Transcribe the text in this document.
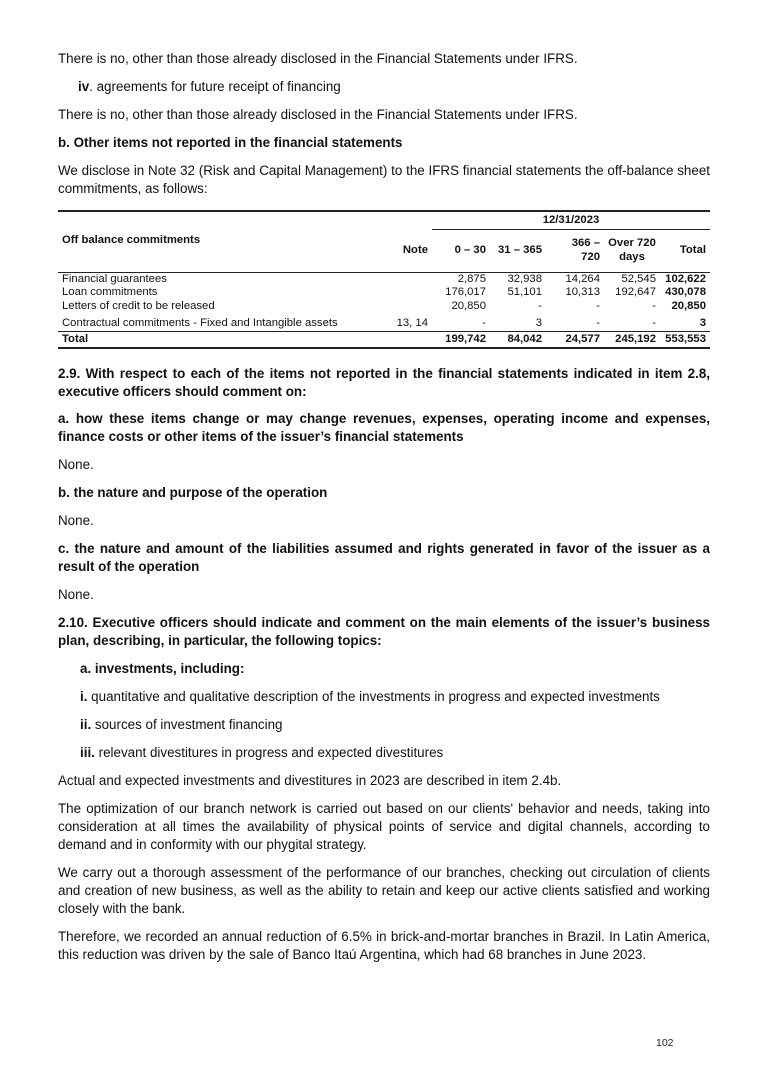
There is no, other than those already disclosed in the Financial Statements under IFRS.

iv. agreements for future receipt of financing

There is no, other than those already disclosed in the Financial Statements under IFRS.

b. Other items not reported in the financial statements

We disclose in Note 32 (Risk and Capital Management) to the IFRS financial statements the off-balance sheet commitments, as follows:

		12/31/2023				
Off balance commitments	Note	0 – 30	31 – 365	366 – 720	Over 720 days	Total

Financial guarantees		2,875	32,938	14,264	52,545	102,622
Loan commitments		176,017	51,101	10,313	192,647	430,078
Letters of credit to be released		20,850	-	-	-	20,850
Contractual commitments - Fixed and Intangible assets	13, 14	-	3	-	-	3
Total		199,742	84,042	24,577	245,192	553,553

2.9. With respect to each of the items not reported in the financial statements indicated in item 2.8, executive officers should comment on:

a. how these items change or may change revenues, expenses, operating income and expenses, finance costs or other items of the issuer’s financial statements

None.

b. the nature and purpose of the operation

None.

c. the nature and amount of the liabilities assumed and rights generated in favor of the issuer as a result of the operation

None.

2.10. Executive officers should indicate and comment on the main elements of the issuer’s business plan, describing, in particular, the following topics:

a. investments, including:

i. quantitative and qualitative description of the investments in progress and expected investments

ii. sources of investment financing

iii. relevant divestitures in progress and expected divestitures

Actual and expected investments and divestitures in 2023 are described in item 2.4b.

The optimization of our branch network is carried out based on our clients' behavior and needs, taking into consideration at all times the availability of physical points of service and digital channels, according to demand and in conformity with our phygital strategy.

We carry out a thorough assessment of the performance of our branches, checking out circulation of clients and creation of new business, as well as the ability to retain and keep our active clients satisfied and working closely with the bank.

Therefore, we recorded an annual reduction of 6.5% in brick-and-mortar branches in Brazil. In Latin America, this reduction was driven by the sale of Banco Itaú Argentina, which had 68 branches in June 2023.

102
